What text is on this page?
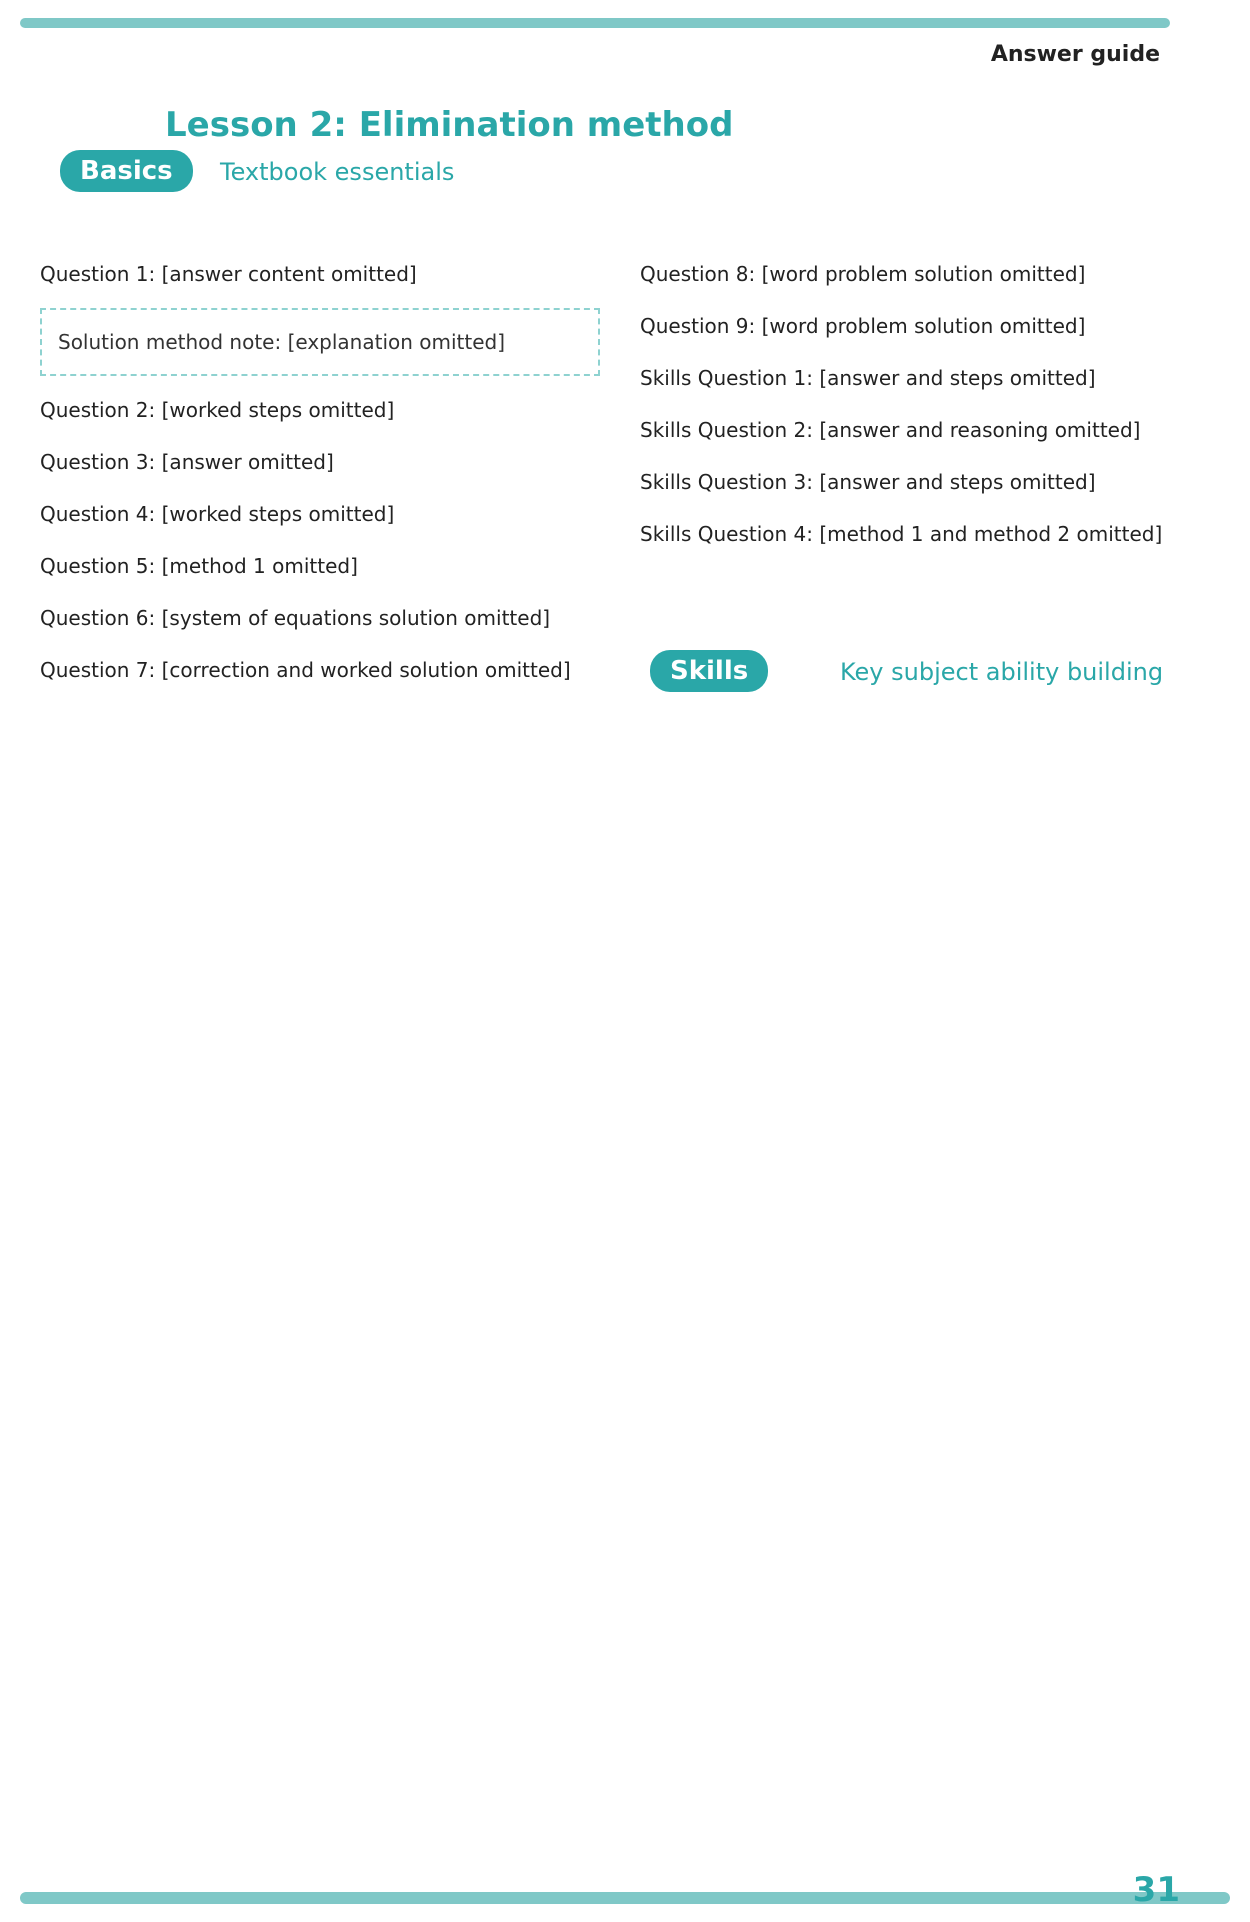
Answer guide
Lesson 2: Elimination method
Basics	Textbook essentials
Skills	Key subject ability building
Question 1: [answer content omitted]
Solution method note: [explanation omitted]
Question 2: [worked steps omitted]
Question 3: [answer omitted]
Question 4: [worked steps omitted]
Question 5: [method 1 omitted]
Question 6: [system of equations solution omitted]
Question 7: [correction and worked solution omitted]
Question 8: [word problem solution omitted]
Question 9: [word problem solution omitted]
Skills Question 1: [answer and steps omitted]
Skills Question 2: [answer and reasoning omitted]
Skills Question 3: [answer and steps omitted]
Skills Question 4: [method 1 and method 2 omitted]
31
